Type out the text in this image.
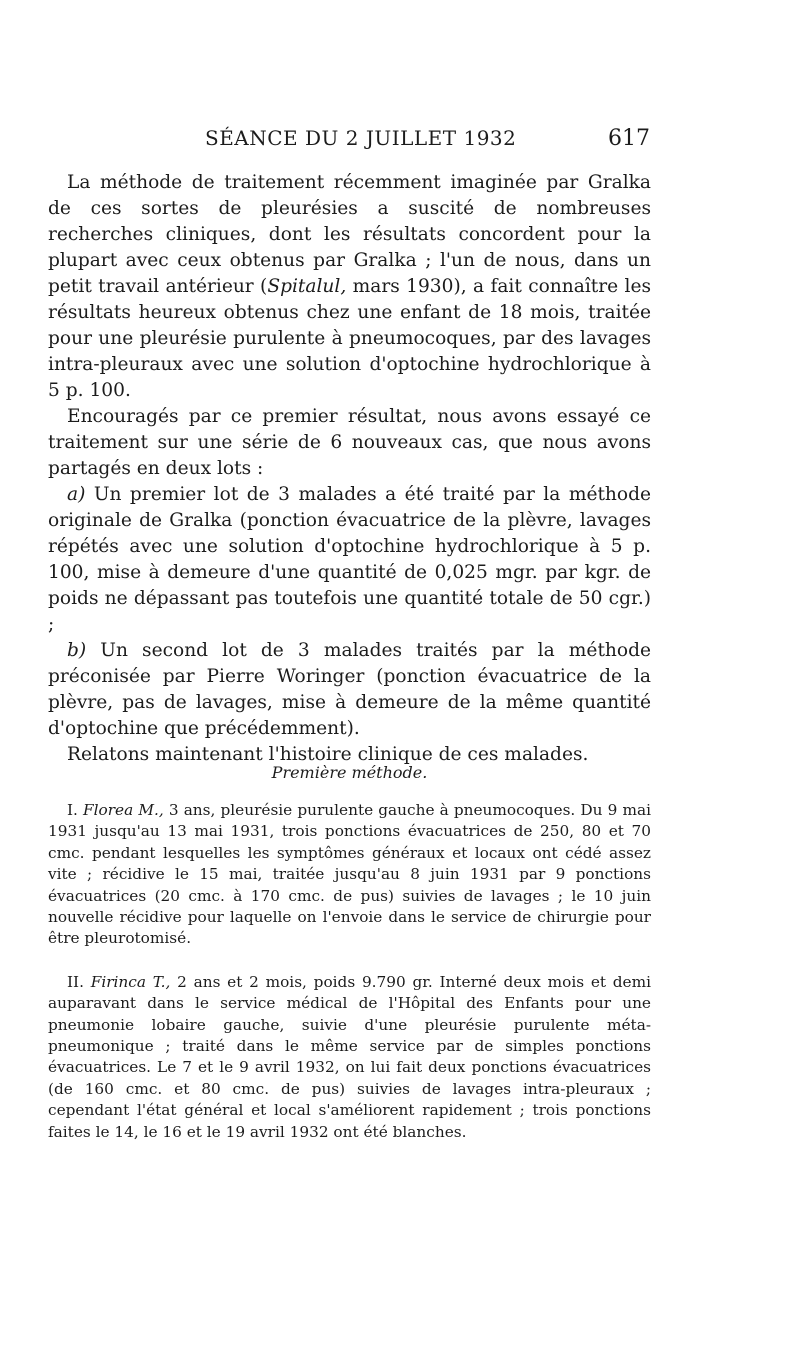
SÉANCE DU 2 JUILLET 1932	617

La méthode de traitement récemment imaginée par Gralka de ces sortes de pleurésies a suscité de nombreuses recherches cliniques, dont les résultats concordent pour la plupart avec ceux obtenus par Gralka ; l'un de nous, dans un petit travail antérieur (Spitalul, mars 1930), a fait connaître les résultats heureux obtenus chez une enfant de 18 mois, traitée pour une pleurésie purulente à pneumocoques, par des lavages intra-pleuraux avec une solution d'optochine hydrochlorique à 5 p. 100.

Encouragés par ce premier résultat, nous avons essayé ce traitement sur une série de 6 nouveaux cas, que nous avons partagés en deux lots :

a) Un premier lot de 3 malades a été traité par la méthode originale de Gralka (ponction évacuatrice de la plèvre, lavages répétés avec une solution d'optochine hydrochlorique à 5 p. 100, mise à demeure d'une quantité de 0,025 mgr. par kgr. de poids ne dépassant pas toutefois une quantité totale de 50 cgr.) ;

b) Un second lot de 3 malades traités par la méthode préconisée par Pierre Woringer (ponction évacuatrice de la plèvre, pas de lavages, mise à demeure de la même quantité d'optochine que précédemment).

Relatons maintenant l'histoire clinique de ces malades.

Première méthode.

I. Florea M., 3 ans, pleurésie purulente gauche à pneumocoques. Du 9 mai 1931 jusqu'au 13 mai 1931, trois ponctions évacuatrices de 250, 80 et 70 cmc. pendant lesquelles les symptômes généraux et locaux ont cédé assez vite ; récidive le 15 mai, traitée jusqu'au 8 juin 1931 par 9 ponctions évacuatrices (20 cmc. à 170 cmc. de pus) suivies de lavages ; le 10 juin nouvelle récidive pour laquelle on l'envoie dans le service de chirurgie pour être pleurotomisé.

II. Firinca T., 2 ans et 2 mois, poids 9.790 gr. Interné deux mois et demi auparavant dans le service médical de l'Hôpital des Enfants pour une pneumonie lobaire gauche, suivie d'une pleurésie purulente méta-pneumonique ; traité dans le même service par de simples ponctions évacuatrices. Le 7 et le 9 avril 1932, on lui fait deux ponctions évacuatrices (de 160 cmc. et 80 cmc. de pus) suivies de lavages intra-pleuraux ; cependant l'état général et local s'améliorent rapidement ; trois ponctions faites le 14, le 16 et le 19 avril 1932 ont été blanches.
